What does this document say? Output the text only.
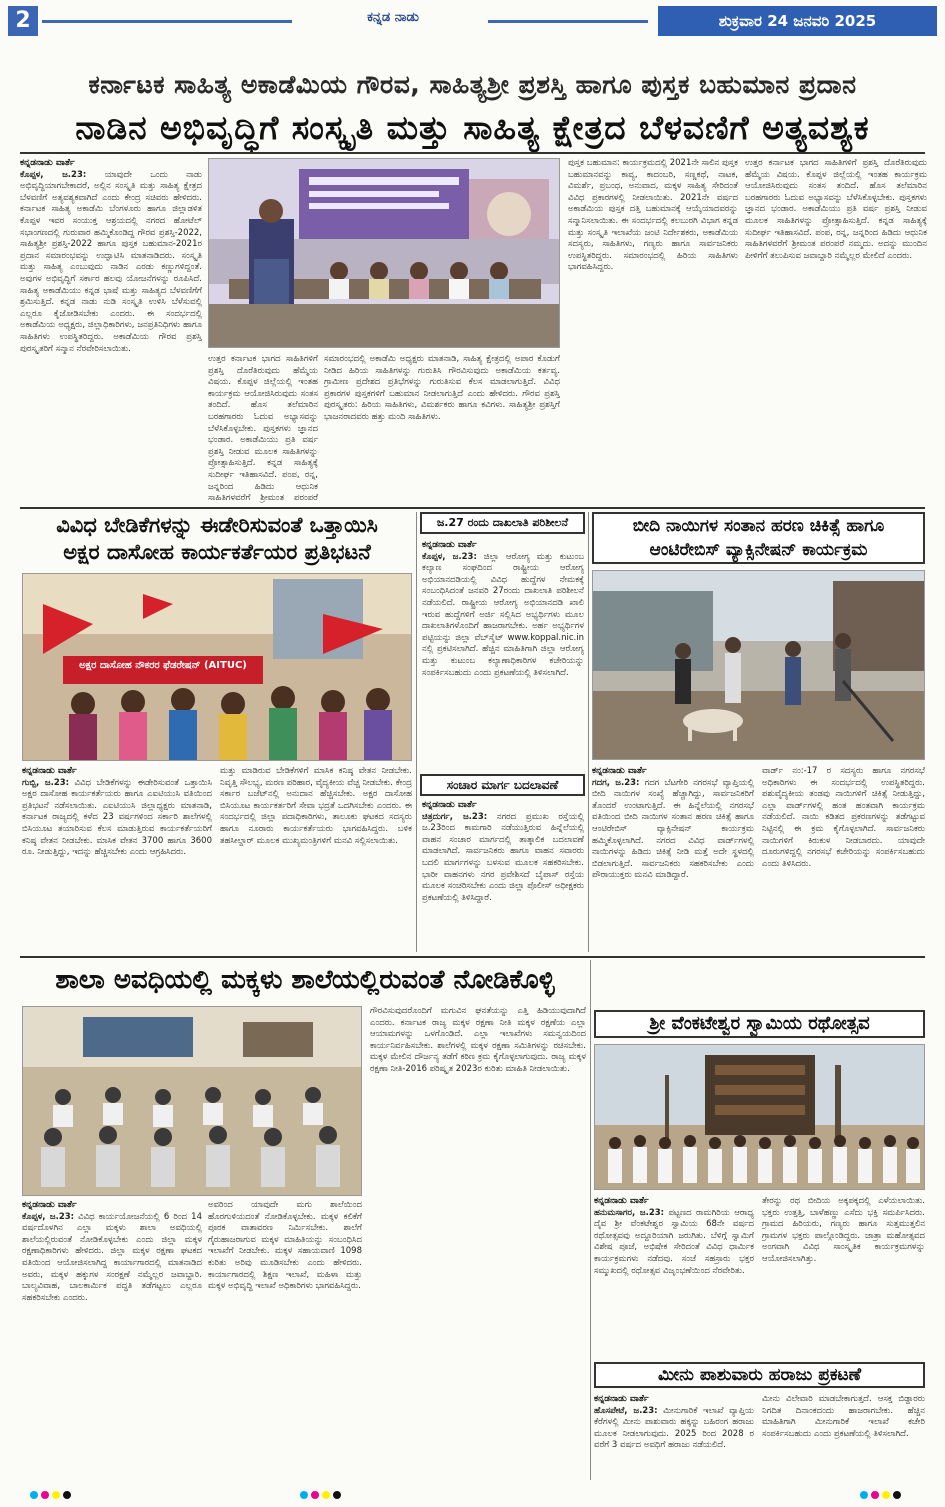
2	ಕನ್ನಡ ನಾಡು	ಶುಕ್ರವಾರ 24 ಜನವರಿ 2025
ಕರ್ನಾಟಕ ಸಾಹಿತ್ಯ ಅಕಾಡೆಮಿಯ ಗೌರವ, ಸಾಹಿತ್ಯಶ್ರೀ ಪ್ರಶಸ್ತಿ ಹಾಗೂ ಪುಸ್ತಕ ಬಹುಮಾನ ಪ್ರದಾನ
ನಾಡಿನ ಅಭಿವೃದ್ಧಿಗೆ ಸಂಸ್ಕೃತಿ ಮತ್ತು ಸಾಹಿತ್ಯ ಕ್ಷೇತ್ರದ ಬೆಳವಣಿಗೆ ಅತ್ಯವಶ್ಯಕ
ಕನ್ನಡನಾಡು ವಾರ್ತೆ
ಕೊಪ್ಪಳ, ಜ.23: ಯಾವುದೇ ಒಂದು ನಾಡು ಅಭಿವೃದ್ಧಿಯಾಗಬೇಕಾದರೆ, ಅಲ್ಲಿನ ಸಂಸ್ಕೃತಿ ಮತ್ತು ಸಾಹಿತ್ಯ ಕ್ಷೇತ್ರದ ಬೆಳವಣಿಗೆ ಅತ್ಯವಶ್ಯಕವಾಗಿದೆ ಎಂದು ಕೇಂದ್ರ ಸಚಿವರು ಹೇಳಿದರು. ಕರ್ನಾಟಕ ಸಾಹಿತ್ಯ ಅಕಾಡೆಮಿ ಬೆಂಗಳೂರು ಹಾಗೂ ಜಿಲ್ಲಾಡಳಿತ ಕೊಪ್ಪಳ ಇವರ ಸಂಯುಕ್ತ ಆಶ್ರಯದಲ್ಲಿ ನಗರದ ಹೋಟೆಲ್ ಸಭಾಂಗಣದಲ್ಲಿ ಗುರುವಾರ ಹಮ್ಮಿಕೊಂಡಿದ್ದ ಗೌರವ ಪ್ರಶಸ್ತಿ-2022, ಸಾಹಿತ್ಯಶ್ರೀ ಪ್ರಶಸ್ತಿ-2022 ಹಾಗೂ ಪುಸ್ತಕ ಬಹುಮಾನ-2021ರ ಪ್ರದಾನ ಸಮಾರಂಭವನ್ನು ಉದ್ಘಾಟಿಸಿ ಮಾತನಾಡಿದರು. ಸಂಸ್ಕೃತಿ ಮತ್ತು ಸಾಹಿತ್ಯ ಎಂಬುವುದು ನಾಡಿನ ಎರಡು ಕಣ್ಣುಗಳಿದ್ದಂತೆ. ಅವುಗಳ ಅಭಿವೃದ್ಧಿಗೆ ಸರ್ಕಾರ ಹಲವು ಯೋಜನೆಗಳನ್ನು ರೂಪಿಸಿದೆ. ಸಾಹಿತ್ಯ ಅಕಾಡೆಮಿಯು ಕನ್ನಡ ಭಾಷೆ ಮತ್ತು ಸಾಹಿತ್ಯದ ಬೆಳವಣಿಗೆಗೆ ಶ್ರಮಿಸುತ್ತಿದೆ. ಕನ್ನಡ ನಾಡು ನುಡಿ ಸಂಸ್ಕೃತಿ ಉಳಿಸಿ ಬೆಳೆಸುವಲ್ಲಿ ಎಲ್ಲರೂ ಕೈಜೋಡಿಸಬೇಕು ಎಂದರು. ಈ ಸಂದರ್ಭದಲ್ಲಿ ಅಕಾಡೆಮಿಯ ಅಧ್ಯಕ್ಷರು, ಜಿಲ್ಲಾಧಿಕಾರಿಗಳು, ಜನಪ್ರತಿನಿಧಿಗಳು ಹಾಗೂ ಸಾಹಿತಿಗಳು ಉಪಸ್ಥಿತರಿದ್ದರು. ಅಕಾಡೆಮಿಯ ಗೌರವ ಪ್ರಶಸ್ತಿ ಪುರಸ್ಕೃತರಿಗೆ ಸನ್ಮಾನ ನೆರವೇರಿಸಲಾಯಿತು.
ಉತ್ತರ ಕರ್ನಾಟಕ ಭಾಗದ ಸಾಹಿತಿಗಳಿಗೆ ಪ್ರಶಸ್ತಿ ದೊರೆತಿರುವುದು ಹೆಮ್ಮೆಯ ವಿಷಯ. ಕೊಪ್ಪಳ ಜಿಲ್ಲೆಯಲ್ಲಿ ಇಂತಹ ಕಾರ್ಯಕ್ರಮ ಆಯೋಜಿಸಿರುವುದು ಸಂತಸ ತಂದಿದೆ. ಹೊಸ ತಲೆಮಾರಿನ ಬರಹಗಾರರು ಓದುವ ಅಭ್ಯಾಸವನ್ನು ಬೆಳೆಸಿಕೊಳ್ಳಬೇಕು. ಪುಸ್ತಕಗಳು ಜ್ಞಾನದ ಭಂಡಾರ. ಅಕಾಡೆಮಿಯು ಪ್ರತಿ ವರ್ಷ ಪ್ರಶಸ್ತಿ ನೀಡುವ ಮೂಲಕ ಸಾಹಿತಿಗಳನ್ನು ಪ್ರೋತ್ಸಾಹಿಸುತ್ತಿದೆ. ಕನ್ನಡ ಸಾಹಿತ್ಯಕ್ಕೆ ಸುದೀರ್ಘ ಇತಿಹಾಸವಿದೆ. ಪಂಪ, ರನ್ನ, ಜನ್ನರಿಂದ ಹಿಡಿದು ಆಧುನಿಕ ಸಾಹಿತಿಗಳವರೆಗೆ ಶ್ರೀಮಂತ ಪರಂಪರೆ
ಸಮಾರಂಭದಲ್ಲಿ ಅಕಾಡೆಮಿ ಅಧ್ಯಕ್ಷರು ಮಾತನಾಡಿ, ಸಾಹಿತ್ಯ ಕ್ಷೇತ್ರದಲ್ಲಿ ಅಪಾರ ಕೊಡುಗೆ ನೀಡಿದ ಹಿರಿಯ ಸಾಹಿತಿಗಳನ್ನು ಗುರುತಿಸಿ ಗೌರವಿಸುವುದು ಅಕಾಡೆಮಿಯ ಕರ್ತವ್ಯ. ಗ್ರಾಮೀಣ ಪ್ರದೇಶದ ಪ್ರತಿಭೆಗಳನ್ನು ಗುರುತಿಸುವ ಕೆಲಸ ಮಾಡಲಾಗುತ್ತಿದೆ. ವಿವಿಧ ಪ್ರಕಾರಗಳ ಪುಸ್ತಕಗಳಿಗೆ ಬಹುಮಾನ ನೀಡಲಾಗುತ್ತಿದೆ ಎಂದು ಹೇಳಿದರು. ಗೌರವ ಪ್ರಶಸ್ತಿ ಪುರಸ್ಕೃತರು: ಹಿರಿಯ ಸಾಹಿತಿಗಳು, ವಿಮರ್ಶಕರು ಹಾಗೂ ಕವಿಗಳು. ಸಾಹಿತ್ಯಶ್ರೀ ಪ್ರಶಸ್ತಿಗೆ ಭಾಜನರಾದವರು ಹತ್ತು ಮಂದಿ ಸಾಹಿತಿಗಳು.
ಪುಸ್ತಕ ಬಹುಮಾನ: ಕಾರ್ಯಕ್ರಮದಲ್ಲಿ 2021ನೇ ಸಾಲಿನ ಪುಸ್ತಕ ಬಹುಮಾನವನ್ನು ಕಾವ್ಯ, ಕಾದಂಬರಿ, ಸಣ್ಣಕಥೆ, ನಾಟಕ, ವಿಮರ್ಶೆ, ಪ್ರಬಂಧ, ಅನುವಾದ, ಮಕ್ಕಳ ಸಾಹಿತ್ಯ ಸೇರಿದಂತೆ ವಿವಿಧ ಪ್ರಕಾರಗಳಲ್ಲಿ ನೀಡಲಾಯಿತು. 2021ನೇ ವರ್ಷದ ಅಕಾಡೆಮಿಯ ಪುಸ್ತಕ ದತ್ತಿ ಬಹುಮಾನಕ್ಕೆ ಆಯ್ಕೆಯಾದವರನ್ನು ಸನ್ಮಾನಿಸಲಾಯಿತು. ಈ ಸಂದರ್ಭದಲ್ಲಿ ಕಲಬುರಗಿ ವಿಭಾಗ ಕನ್ನಡ ಮತ್ತು ಸಂಸ್ಕೃತಿ ಇಲಾಖೆಯ ಜಂಟಿ ನಿರ್ದೇಶಕರು, ಅಕಾಡೆಮಿಯ ಸದಸ್ಯರು, ಸಾಹಿತಿಗಳು, ಗಣ್ಯರು ಹಾಗೂ ಸಾರ್ವಜನಿಕರು ಉಪಸ್ಥಿತರಿದ್ದರು. ಸಮಾರಂಭದಲ್ಲಿ ಹಿರಿಯ ಸಾಹಿತಿಗಳು ಭಾಗವಹಿಸಿದ್ದರು.
ಉತ್ತರ ಕರ್ನಾಟಕ ಭಾಗದ ಸಾಹಿತಿಗಳಿಗೆ ಪ್ರಶಸ್ತಿ ದೊರೆತಿರುವುದು ಹೆಮ್ಮೆಯ ವಿಷಯ. ಕೊಪ್ಪಳ ಜಿಲ್ಲೆಯಲ್ಲಿ ಇಂತಹ ಕಾರ್ಯಕ್ರಮ ಆಯೋಜಿಸಿರುವುದು ಸಂತಸ ತಂದಿದೆ. ಹೊಸ ತಲೆಮಾರಿನ ಬರಹಗಾರರು ಓದುವ ಅಭ್ಯಾಸವನ್ನು ಬೆಳೆಸಿಕೊಳ್ಳಬೇಕು. ಪುಸ್ತಕಗಳು ಜ್ಞಾನದ ಭಂಡಾರ. ಅಕಾಡೆಮಿಯು ಪ್ರತಿ ವರ್ಷ ಪ್ರಶಸ್ತಿ ನೀಡುವ ಮೂಲಕ ಸಾಹಿತಿಗಳನ್ನು ಪ್ರೋತ್ಸಾಹಿಸುತ್ತಿದೆ. ಕನ್ನಡ ಸಾಹಿತ್ಯಕ್ಕೆ ಸುದೀರ್ಘ ಇತಿಹಾಸವಿದೆ. ಪಂಪ, ರನ್ನ, ಜನ್ನರಿಂದ ಹಿಡಿದು ಆಧುನಿಕ ಸಾಹಿತಿಗಳವರೆಗೆ ಶ್ರೀಮಂತ ಪರಂಪರೆ ನಮ್ಮದು. ಅದನ್ನು ಮುಂದಿನ ಪೀಳಿಗೆಗೆ ತಲುಪಿಸುವ ಜವಾಬ್ದಾರಿ ನಮ್ಮೆಲ್ಲರ ಮೇಲಿದೆ ಎಂದರು.
ವಿವಿಧ ಬೇಡಿಕೆಗಳನ್ನು ಈಡೇರಿಸುವಂತೆ ಒತ್ತಾಯಿಸಿ
ಅಕ್ಷರ ದಾಸೋಹ ಕಾರ್ಯಕರ್ತೆಯರ ಪ್ರತಿಭಟನೆ
ಅಕ್ಷರ ದಾಸೋಹ ನೌಕರರ ಫೆಡರೇಷನ್ (AITUC)
ಕನ್ನಡನಾಡು ವಾರ್ತೆ
ಗುಬ್ಬಿ, ಜ.23: ವಿವಿಧ ಬೇಡಿಕೆಗಳನ್ನು ಈಡೇರಿಸುವಂತೆ ಒತ್ತಾಯಿಸಿ ಅಕ್ಷರ ದಾಸೋಹ ಕಾರ್ಯಕರ್ತೆಯರು ಹಾಗೂ ಎಐಟಿಯುಸಿ ವತಿಯಿಂದ ಪ್ರತಿಭಟನೆ ನಡೆಸಲಾಯಿತು. ಎಐಟಿಯುಸಿ ಜಿಲ್ಲಾಧ್ಯಕ್ಷರು ಮಾತನಾಡಿ, ಕರ್ನಾಟಕ ರಾಜ್ಯದಲ್ಲಿ ಕಳೆದ 23 ವರ್ಷಗಳಿಂದ ಸರ್ಕಾರಿ ಶಾಲೆಗಳಲ್ಲಿ ಬಿಸಿಯೂಟ ತಯಾರಿಸುವ ಕೆಲಸ ಮಾಡುತ್ತಿರುವ ಕಾರ್ಯಕರ್ತೆಯರಿಗೆ ಕನಿಷ್ಠ ವೇತನ ನೀಡಬೇಕು. ಮಾಸಿಕ ವೇತನ 3700 ಹಾಗೂ 3600 ರೂ. ನೀಡುತ್ತಿದ್ದು, ಇದನ್ನು ಹೆಚ್ಚಿಸಬೇಕು ಎಂದು ಆಗ್ರಹಿಸಿದರು.
ಮತ್ತು ಮಾಡಿರುವ ಬೇಡಿಕೆಗಳಿಗೆ ಮಾಸಿಕ ಕನಿಷ್ಠ ವೇತನ ನೀಡಬೇಕು. ನಿವೃತ್ತಿ ಸೌಲಭ್ಯ, ಮರಣ ಪರಿಹಾರ, ವೈದ್ಯಕೀಯ ವೆಚ್ಚ ನೀಡಬೇಕು. ಕೇಂದ್ರ ಸರ್ಕಾರ ಬಜೆಟ್‌ನಲ್ಲಿ ಅನುದಾನ ಹೆಚ್ಚಿಸಬೇಕು. ಅಕ್ಷರ ದಾಸೋಹ ಬಿಸಿಯೂಟ ಕಾರ್ಯಕರ್ತರಿಗೆ ಸೇವಾ ಭದ್ರತೆ ಒದಗಿಸಬೇಕು ಎಂದರು. ಈ ಸಂದರ್ಭದಲ್ಲಿ ಜಿಲ್ಲಾ ಪದಾಧಿಕಾರಿಗಳು, ತಾಲೂಕು ಘಟಕದ ಸದಸ್ಯರು ಹಾಗೂ ನೂರಾರು ಕಾರ್ಯಕರ್ತೆಯರು ಭಾಗವಹಿಸಿದ್ದರು. ಬಳಿಕ ತಹಸೀಲ್ದಾರ್ ಮೂಲಕ ಮುಖ್ಯಮಂತ್ರಿಗಳಿಗೆ ಮನವಿ ಸಲ್ಲಿಸಲಾಯಿತು.
ಜ.27 ರಂದು ದಾಖಲಾತಿ ಪರಿಶೀಲನೆ
ಕನ್ನಡನಾಡು ವಾರ್ತೆ
ಕೊಪ್ಪಳ, ಜ.23: ಜಿಲ್ಲಾ ಆರೋಗ್ಯ ಮತ್ತು ಕುಟುಂಬ ಕಲ್ಯಾಣ ಸಂಘದಿಂದ ರಾಷ್ಟ್ರೀಯ ಆರೋಗ್ಯ ಅಭಿಯಾನದಡಿಯಲ್ಲಿ ವಿವಿಧ ಹುದ್ದೆಗಳ ನೇಮಕಕ್ಕೆ ಸಂಬಂಧಿಸಿದಂತೆ ಜನವರಿ 27ರಂದು ದಾಖಲಾತಿ ಪರಿಶೀಲನೆ ನಡೆಯಲಿದೆ. ರಾಷ್ಟ್ರೀಯ ಆರೋಗ್ಯ ಅಭಿಯಾನದಡಿ ಖಾಲಿ ಇರುವ ಹುದ್ದೆಗಳಿಗೆ ಅರ್ಜಿ ಸಲ್ಲಿಸಿದ ಅಭ್ಯರ್ಥಿಗಳು ಮೂಲ ದಾಖಲಾತಿಗಳೊಂದಿಗೆ ಹಾಜರಾಗಬೇಕು. ಅರ್ಹ ಅಭ್ಯರ್ಥಿಗಳ ಪಟ್ಟಿಯನ್ನು ಜಿಲ್ಲಾ ವೆಬ್‌ಸೈಟ್ www.koppal.nic.in ನಲ್ಲಿ ಪ್ರಕಟಿಸಲಾಗಿದೆ. ಹೆಚ್ಚಿನ ಮಾಹಿತಿಗಾಗಿ ಜಿಲ್ಲಾ ಆರೋಗ್ಯ ಮತ್ತು ಕುಟುಂಬ ಕಲ್ಯಾಣಾಧಿಕಾರಿಗಳ ಕಚೇರಿಯನ್ನು ಸಂಪರ್ಕಿಸಬಹುದು ಎಂದು ಪ್ರಕಟಣೆಯಲ್ಲಿ ತಿಳಿಸಲಾಗಿದೆ.
ಸಂಚಾರ ಮಾರ್ಗ ಬದಲಾವಣೆ
ಕನ್ನಡನಾಡು ವಾರ್ತೆ
ಚಿತ್ರದುರ್ಗ, ಜ.23: ನಗರದ ಪ್ರಮುಖ ರಸ್ತೆಯಲ್ಲಿ ಜ.23ರಿಂದ ಕಾಮಗಾರಿ ನಡೆಯುತ್ತಿರುವ ಹಿನ್ನೆಲೆಯಲ್ಲಿ ವಾಹನ ಸಂಚಾರ ಮಾರ್ಗದಲ್ಲಿ ತಾತ್ಕಾಲಿಕ ಬದಲಾವಣೆ ಮಾಡಲಾಗಿದೆ. ಸಾರ್ವಜನಿಕರು ಹಾಗೂ ವಾಹನ ಸವಾರರು ಬದಲಿ ಮಾರ್ಗಗಳನ್ನು ಬಳಸುವ ಮೂಲಕ ಸಹಕರಿಸಬೇಕು. ಭಾರೀ ವಾಹನಗಳು ನಗರ ಪ್ರವೇಶಿಸದೆ ಬೈಪಾಸ್ ರಸ್ತೆಯ ಮೂಲಕ ಸಂಚರಿಸಬೇಕು ಎಂದು ಜಿಲ್ಲಾ ಪೊಲೀಸ್ ಅಧೀಕ್ಷಕರು ಪ್ರಕಟಣೆಯಲ್ಲಿ ತಿಳಿಸಿದ್ದಾರೆ.
ಬೀದಿ ನಾಯಿಗಳ ಸಂತಾನ ಹರಣ ಚಿಕಿತ್ಸೆ ಹಾಗೂ
ಆಂಟಿರೇಬಿಸ್ ವ್ಯಾಕ್ಸಿನೇಷನ್ ಕಾರ್ಯಕ್ರಮ
ಕನ್ನಡನಾಡು ವಾರ್ತೆ
ಗದಗ, ಜ.23: ಗದಗ ಬೆಟಗೇರಿ ನಗರಸಭೆ ವ್ಯಾಪ್ತಿಯಲ್ಲಿ ಬೀದಿ ನಾಯಿಗಳ ಸಂಖ್ಯೆ ಹೆಚ್ಚಾಗಿದ್ದು, ಸಾರ್ವಜನಿಕರಿಗೆ ತೊಂದರೆ ಉಂಟಾಗುತ್ತಿದೆ. ಈ ಹಿನ್ನೆಲೆಯಲ್ಲಿ ನಗರಸಭೆ ವತಿಯಿಂದ ಬೀದಿ ನಾಯಿಗಳ ಸಂತಾನ ಹರಣ ಚಿಕಿತ್ಸೆ ಹಾಗೂ ಆಂಟಿರೇಬಿಸ್ ವ್ಯಾಕ್ಸಿನೇಷನ್ ಕಾರ್ಯಕ್ರಮ ಹಮ್ಮಿಕೊಳ್ಳಲಾಗಿದೆ. ನಗರದ ವಿವಿಧ ವಾರ್ಡ್‌ಗಳಲ್ಲಿ ನಾಯಿಗಳನ್ನು ಹಿಡಿದು ಚಿಕಿತ್ಸೆ ನೀಡಿ ಮತ್ತೆ ಅದೇ ಸ್ಥಳದಲ್ಲಿ ಬಿಡಲಾಗುತ್ತಿದೆ. ಸಾರ್ವಜನಿಕರು ಸಹಕರಿಸಬೇಕು ಎಂದು ಪೌರಾಯುಕ್ತರು ಮನವಿ ಮಾಡಿದ್ದಾರೆ.
ವಾರ್ಡ್ ನಂ:-17 ರ ಸದಸ್ಯರು ಹಾಗೂ ನಗರಸಭೆ ಅಧಿಕಾರಿಗಳು ಈ ಸಂದರ್ಭದಲ್ಲಿ ಉಪಸ್ಥಿತರಿದ್ದರು. ಪಶುವೈದ್ಯಕೀಯ ತಂಡವು ನಾಯಿಗಳಿಗೆ ಚಿಕಿತ್ಸೆ ನೀಡುತ್ತಿದ್ದು, ಎಲ್ಲಾ ವಾರ್ಡ್‌ಗಳಲ್ಲಿ ಹಂತ ಹಂತವಾಗಿ ಕಾರ್ಯಕ್ರಮ ನಡೆಯಲಿದೆ. ನಾಯಿ ಕಡಿತದ ಪ್ರಕರಣಗಳನ್ನು ತಡೆಗಟ್ಟುವ ನಿಟ್ಟಿನಲ್ಲಿ ಈ ಕ್ರಮ ಕೈಗೊಳ್ಳಲಾಗಿದೆ. ಸಾರ್ವಜನಿಕರು ನಾಯಿಗಳಿಗೆ ಕಿರುಕುಳ ನೀಡಬಾರದು. ಯಾವುದೇ ದೂರುಗಳಿದ್ದಲ್ಲಿ ನಗರಸಭೆ ಕಚೇರಿಯನ್ನು ಸಂಪರ್ಕಿಸಬಹುದು ಎಂದು ತಿಳಿಸಿದರು.
ಶಾಲಾ ಅವಧಿಯಲ್ಲಿ ಮಕ್ಕಳು ಶಾಲೆಯಲ್ಲಿರುವಂತೆ ನೋಡಿಕೊಳ್ಳಿ
ಕನ್ನಡನಾಡು ವಾರ್ತೆ
ಕೊಪ್ಪಳ, ಜ.23: ವಿವಿಧ ಕಾರ್ಯಯೋಜನೆಯಲ್ಲಿ 6 ರಿಂದ 14 ವರ್ಷದೊಳಗಿನ ಎಲ್ಲಾ ಮಕ್ಕಳು ಶಾಲಾ ಅವಧಿಯಲ್ಲಿ ಶಾಲೆಯಲ್ಲಿರುವಂತೆ ನೋಡಿಕೊಳ್ಳಬೇಕು ಎಂದು ಜಿಲ್ಲಾ ಮಕ್ಕಳ ರಕ್ಷಣಾಧಿಕಾರಿಗಳು ಹೇಳಿದರು. ಜಿಲ್ಲಾ ಮಕ್ಕಳ ರಕ್ಷಣಾ ಘಟಕದ ವತಿಯಿಂದ ಆಯೋಜಿಸಲಾಗಿದ್ದ ಕಾರ್ಯಾಗಾರದಲ್ಲಿ ಮಾತನಾಡಿದ ಅವರು, ಮಕ್ಕಳ ಹಕ್ಕುಗಳ ಸಂರಕ್ಷಣೆ ನಮ್ಮೆಲ್ಲರ ಜವಾಬ್ದಾರಿ. ಬಾಲ್ಯವಿವಾಹ, ಬಾಲಕಾರ್ಮಿಕ ಪದ್ಧತಿ ತಡೆಗಟ್ಟಲು ಎಲ್ಲರೂ ಸಹಕರಿಸಬೇಕು ಎಂದರು.
ಅವರಿಂದ ಯಾವುದೇ ಮಗು ಶಾಲೆಯಿಂದ ಹೊರಗುಳಿಯದಂತೆ ನೋಡಿಕೊಳ್ಳಬೇಕು. ಮಕ್ಕಳ ಕಲಿಕೆಗೆ ಪೂರಕ ವಾತಾವರಣ ನಿರ್ಮಿಸಬೇಕು. ಶಾಲೆಗೆ ಗೈರುಹಾಜರಾಗುವ ಮಕ್ಕಳ ಮಾಹಿತಿಯನ್ನು ಸಂಬಂಧಿಸಿದ ಇಲಾಖೆಗೆ ನೀಡಬೇಕು. ಮಕ್ಕಳ ಸಹಾಯವಾಣಿ 1098 ಕುರಿತು ಅರಿವು ಮೂಡಿಸಬೇಕು ಎಂದು ಹೇಳಿದರು. ಕಾರ್ಯಾಗಾರದಲ್ಲಿ ಶಿಕ್ಷಣ ಇಲಾಖೆ, ಮಹಿಳಾ ಮತ್ತು ಮಕ್ಕಳ ಅಭಿವೃದ್ಧಿ ಇಲಾಖೆ ಅಧಿಕಾರಿಗಳು ಭಾಗವಹಿಸಿದ್ದರು.
ಗೌರವಿಸುವುದರೊಂದಿಗೆ ಮಗುವಿನ ಘನತೆಯನ್ನು ಎತ್ತಿ ಹಿಡಿಯುವುದಾಗಿದೆ ಎಂದರು. ಕರ್ನಾಟಕ ರಾಜ್ಯ ಮಕ್ಕಳ ರಕ್ಷಣಾ ನೀತಿ ಮಕ್ಕಳ ರಕ್ಷಣೆಯ ಎಲ್ಲಾ ಆಯಾಮಗಳನ್ನು ಒಳಗೊಂಡಿದೆ. ಎಲ್ಲಾ ಇಲಾಖೆಗಳು ಸಮನ್ವಯದಿಂದ ಕಾರ್ಯನಿರ್ವಹಿಸಬೇಕು. ಶಾಲೆಗಳಲ್ಲಿ ಮಕ್ಕಳ ರಕ್ಷಣಾ ಸಮಿತಿಗಳನ್ನು ರಚಿಸಬೇಕು. ಮಕ್ಕಳ ಮೇಲಿನ ದೌರ್ಜನ್ಯ ತಡೆಗೆ ಕಠಿಣ ಕ್ರಮ ಕೈಗೊಳ್ಳಲಾಗುವುದು. ರಾಜ್ಯ ಮಕ್ಕಳ ರಕ್ಷಣಾ ನೀತಿ-2016 ಪರಿಷ್ಕೃತ 2023ರ ಕುರಿತು ಮಾಹಿತಿ ನೀಡಲಾಯಿತು.
ಶ್ರೀ ವೆಂಕಟೇಶ್ವರ ಸ್ವಾಮಿಯ ರಥೋತ್ಸವ
ಕನ್ನಡನಾಡು ವಾರ್ತೆ
ಹನುಮಸಾಗರ, ಜ.23: ಪಟ್ಟಣದ ರಾಮಗಿರಿಯ ಆರಾಧ್ಯ ದೈವ ಶ್ರೀ ವೆಂಕಟೇಶ್ವರ ಸ್ವಾಮಿಯ 68ನೇ ವರ್ಷದ ರಥೋತ್ಸವವು ಅದ್ದೂರಿಯಾಗಿ ಜರುಗಿತು. ಬೆಳಿಗ್ಗೆ ಸ್ವಾಮಿಗೆ ವಿಶೇಷ ಪೂಜೆ, ಅಭಿಷೇಕ ಸೇರಿದಂತೆ ವಿವಿಧ ಧಾರ್ಮಿಕ ಕಾರ್ಯಕ್ರಮಗಳು ನಡೆದವು. ಸಂಜೆ ಸಹಸ್ರಾರು ಭಕ್ತರ ಸಮ್ಮುಖದಲ್ಲಿ ರಥೋತ್ಸವ ವಿಜೃಂಭಣೆಯಿಂದ ನೆರವೇರಿತು.
ತೇರನ್ನು ರಥ ಬೀದಿಯ ಅಕ್ಕಪಕ್ಕದಲ್ಲಿ ಎಳೆಯಲಾಯಿತು. ಭಕ್ತರು ಉತ್ತತ್ತಿ, ಬಾಳೆಹಣ್ಣು ಎಸೆದು ಭಕ್ತಿ ಸಮರ್ಪಿಸಿದರು. ಗ್ರಾಮದ ಹಿರಿಯರು, ಗಣ್ಯರು ಹಾಗೂ ಸುತ್ತಮುತ್ತಲಿನ ಗ್ರಾಮಗಳ ಭಕ್ತರು ಪಾಲ್ಗೊಂಡಿದ್ದರು. ಜಾತ್ರಾ ಮಹೋತ್ಸವದ ಅಂಗವಾಗಿ ವಿವಿಧ ಸಾಂಸ್ಕೃತಿಕ ಕಾರ್ಯಕ್ರಮಗಳನ್ನು ಆಯೋಜಿಸಲಾಗಿತ್ತು.
ಮೀನು ಪಾಶುವಾರು ಹರಾಜು ಪ್ರಕಟಣೆ
ಕನ್ನಡನಾಡು ವಾರ್ತೆ
ಹೊಸಪೇಟೆ, ಜ.23: ಮೀನುಗಾರಿಕೆ ಇಲಾಖೆ ವ್ಯಾಪ್ತಿಯ ಕೆರೆಗಳಲ್ಲಿ ಮೀನು ಪಾಶುವಾರು ಹಕ್ಕನ್ನು ಬಹಿರಂಗ ಹರಾಜು ಮೂಲಕ ನೀಡಲಾಗುವುದು. 2025 ರಿಂದ 2028 ರ ವರೆಗೆ 3 ವರ್ಷದ ಅವಧಿಗೆ ಹರಾಜು ನಡೆಯಲಿದೆ.
ಮೀನು ವಿಲೇವಾರಿ ಮಾಡಬೇಕಾಗುತ್ತದೆ. ಆಸಕ್ತ ಬಿಡ್ದಾರರು ನಿಗದಿತ ದಿನಾಂಕದಂದು ಹಾಜರಾಗಬೇಕು. ಹೆಚ್ಚಿನ ಮಾಹಿತಿಗಾಗಿ ಮೀನುಗಾರಿಕೆ ಇಲಾಖೆ ಕಚೇರಿ ಸಂಪರ್ಕಿಸಬಹುದು ಎಂದು ಪ್ರಕಟಣೆಯಲ್ಲಿ ತಿಳಿಸಲಾಗಿದೆ.
